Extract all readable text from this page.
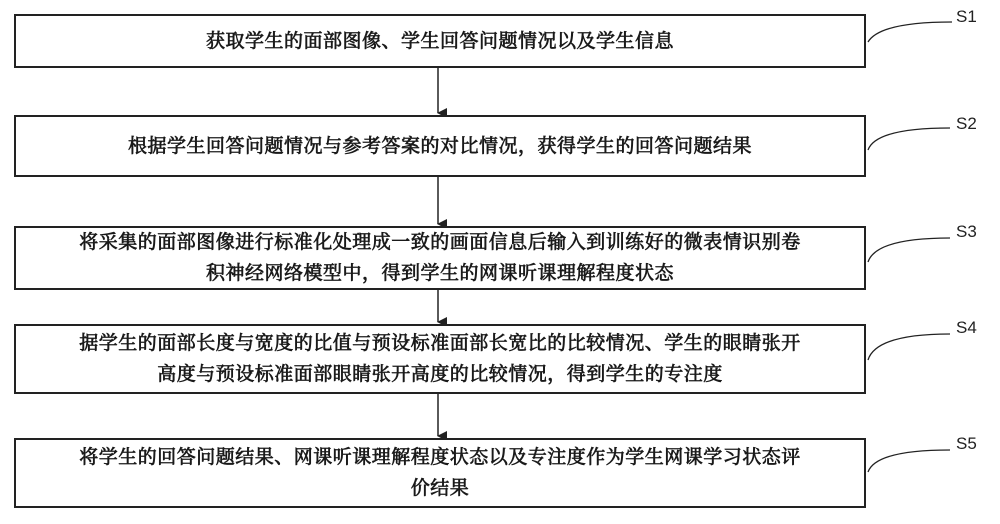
获取学生的面部图像、学生回答问题情况以及学生信息
S1
根据学生回答问题情况与参考答案的对比情况，获得学生的回答问题结果
S2
将采集的面部图像进行标准化处理成一致的画面信息后输入到训练好的微表情识别卷
积神经网络模型中，得到学生的网课听课理解程度状态
S3
据学生的面部长度与宽度的比值与预设标准面部长宽比的比较情况、学生的眼睛张开
高度与预设标准面部眼睛张开高度的比较情况，得到学生的专注度
S4
将学生的回答问题结果、网课听课理解程度状态以及专注度作为学生网课学习状态评
价结果
S5
